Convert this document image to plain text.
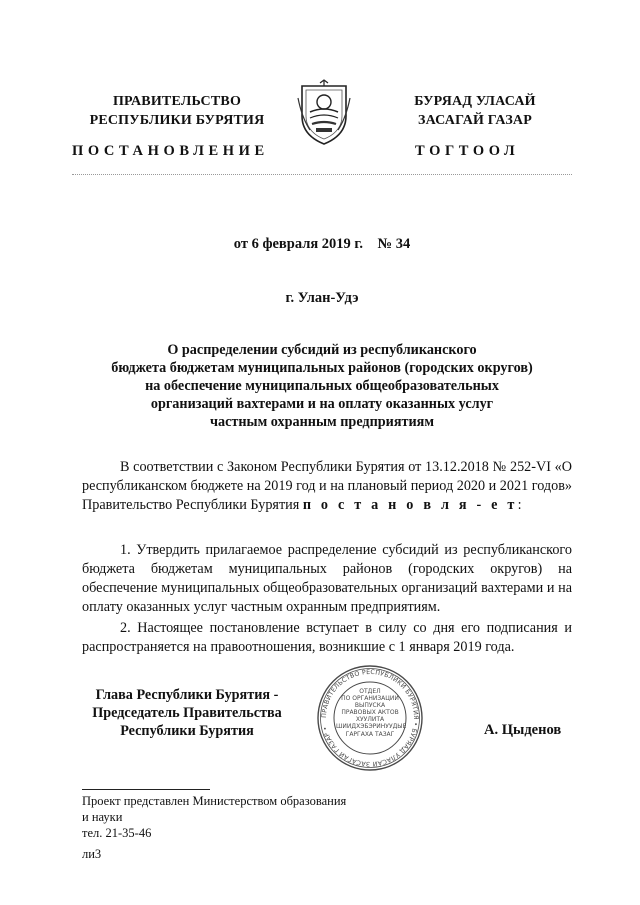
ПРАВИТЕЛЬСТВО
РЕСПУБЛИКИ БУРЯТИЯ
БУРЯАД УЛАСАЙ
ЗАСАГАЙ ГАЗАР
ПОСТАНОВЛЕНИЕ	ТОГТООЛ
от 6 февраля 2019 г.    № 34
г. Улан-Удэ
О распределении субсидий из республиканского
бюджета бюджетам муниципальных районов (городских округов)
на обеспечение муниципальных общеобразовательных
организаций вахтерами и на оплату оказанных услуг
частным охранным предприятиям
В соответствии с Законом Республики Бурятия от 13.12.2018 № 252-VI «О республиканском бюджете на 2019 год и на плановый период 2020 и 2021 годов» Правительство Республики Бурятия п о с т а н о в л я - е т:
1. Утвердить прилагаемое распределение субсидий из республиканского бюджета бюджетам муниципальных районов (городских округов) на обеспечение муниципальных общеобразовательных организаций вахтерами и на оплату оказанных услуг частным охранным предприятиям.
2. Настоящее постановление вступает в силу со дня его подписания и распространяется на правоотношения, возникшие с 1 января 2019 года.
Глава Республики Бурятия -
Председатель Правительства
Республики Бурятия
ПРАВИТЕЛЬСТВО РЕСПУБЛИКИ БУРЯТИЯ • БУРЯАД УЛАСАЙ ЗАСАГАЙ ГАЗАР •
ОТДЕЛ
ПО ОРГАНИЗАЦИИ
ВЫПУСКА
ПРАВОВЫХ АКТОВ
ХУУЛИТА
ШИИДХЭБЭРИНУУДЫЕ
ГАРГАХА ТАЗАГ	А. Цыденов
Проект представлен Министерством образования
и науки
тел. 21-35-46
ли3
